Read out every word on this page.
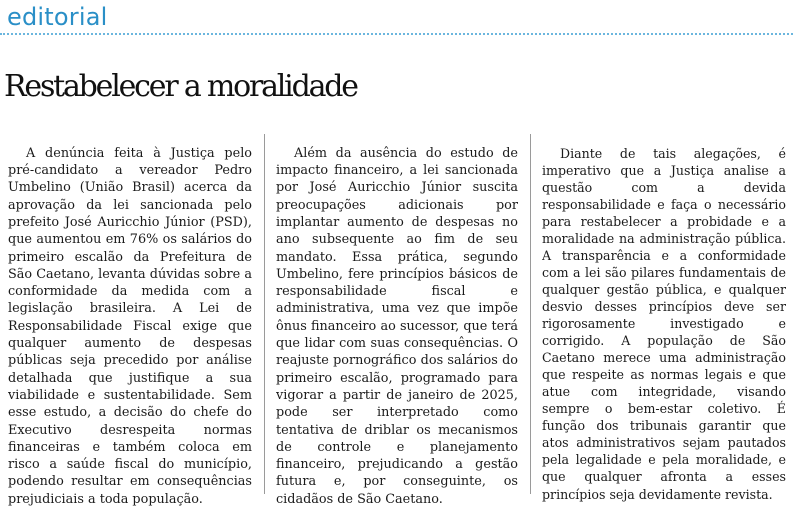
editorial
Restabelecer a moralidade

A denúncia feita à Justiça pelo pré-candidato a vereador Pedro Umbelino (União Brasil) acerca da aprovação da lei sancionada pelo prefeito José Auricchio Júnior (PSD), que aumentou em 76% os salários do primeiro escalão da Prefeitura de São Caetano, levanta dúvidas sobre a conformidade da medida com a legislação brasileira. A Lei de Responsabilidade Fiscal exige que qualquer aumento de despesas públicas seja precedido por análise detalhada que justifique a sua viabilidade e sustentabilidade. Sem esse estudo, a decisão do chefe do Executivo desrespeita normas financeiras e também coloca em risco a saúde fiscal do município, podendo resultar em consequências prejudiciais a toda população.

Além da ausência do estudo de impacto financeiro, a lei sancionada por José Auricchio Júnior suscita preocupações adicionais por implantar aumento de despesas no ano subsequente ao fim de seu mandato. Essa prática, segundo Umbelino, fere princípios básicos de responsabilidade fiscal e administrativa, uma vez que impõe ônus financeiro ao sucessor, que terá que lidar com suas consequências. O reajuste pornográfico dos salários do primeiro escalão, programado para vigorar a partir de janeiro de 2025, pode ser interpretado como tentativa de driblar os mecanismos de controle e planejamento financeiro, prejudicando a gestão futura e, por conseguinte, os cidadãos de São Caetano.

Diante de tais alegações, é imperativo que a Justiça analise a questão com a devida responsabilidade e faça o necessário para restabelecer a probidade e a moralidade na administração pública. A transparência e a conformidade com a lei são pilares fundamentais de qualquer gestão pública, e qualquer desvio desses princípios deve ser rigorosamente investigado e corrigido. A população de São Caetano merece uma administração que respeite as normas legais e que atue com integridade, visando sempre o bem-estar coletivo. É função dos tribunais garantir que atos administrativos sejam pautados pela legalidade e pela moralidade, e que qualquer afronta a esses princípios seja devidamente revista.
